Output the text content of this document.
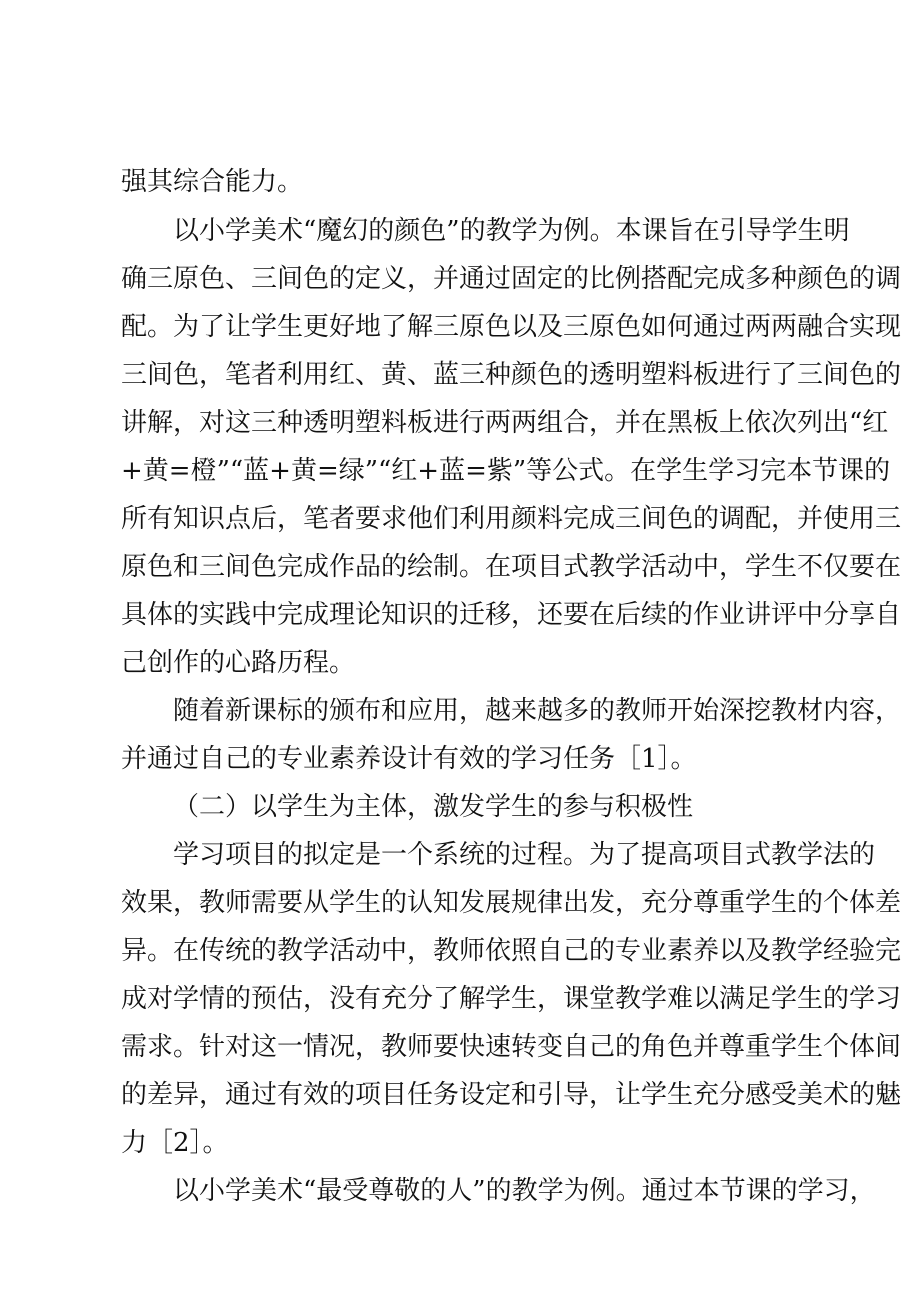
强其综合能力。
以小学美术“魔幻的颜色”的教学为例。本课旨在引导学生明
确三原色、三间色的定义，并通过固定的比例搭配完成多种颜色的调
配。为了让学生更好地了解三原色以及三原色如何通过两两融合实现
三间色，笔者利用红、黄、蓝三种颜色的透明塑料板进行了三间色的
讲解，对这三种透明塑料板进行两两组合，并在黑板上依次列出“红
+黄=橙”“蓝+黄=绿”“红+蓝=紫”等公式。在学生学习完本节课的
所有知识点后，笔者要求他们利用颜料完成三间色的调配，并使用三
原色和三间色完成作品的绘制。在项目式教学活动中，学生不仅要在
具体的实践中完成理论知识的迁移，还要在后续的作业讲评中分享自
己创作的心路历程。
随着新课标的颁布和应用，越来越多的教师开始深挖教材内容，
并通过自己的专业素养设计有效的学习任务［1］。
（二）以学生为主体，激发学生的参与积极性
学习项目的拟定是一个系统的过程。为了提高项目式教学法的
效果，教师需要从学生的认知发展规律出发，充分尊重学生的个体差
异。在传统的教学活动中，教师依照自己的专业素养以及教学经验完
成对学情的预估，没有充分了解学生，课堂教学难以满足学生的学习
需求。针对这一情况，教师要快速转变自己的角色并尊重学生个体间
的差异，通过有效的项目任务设定和引导，让学生充分感受美术的魅
力［2］。
以小学美术“最受尊敬的人”的教学为例。通过本节课的学习，
